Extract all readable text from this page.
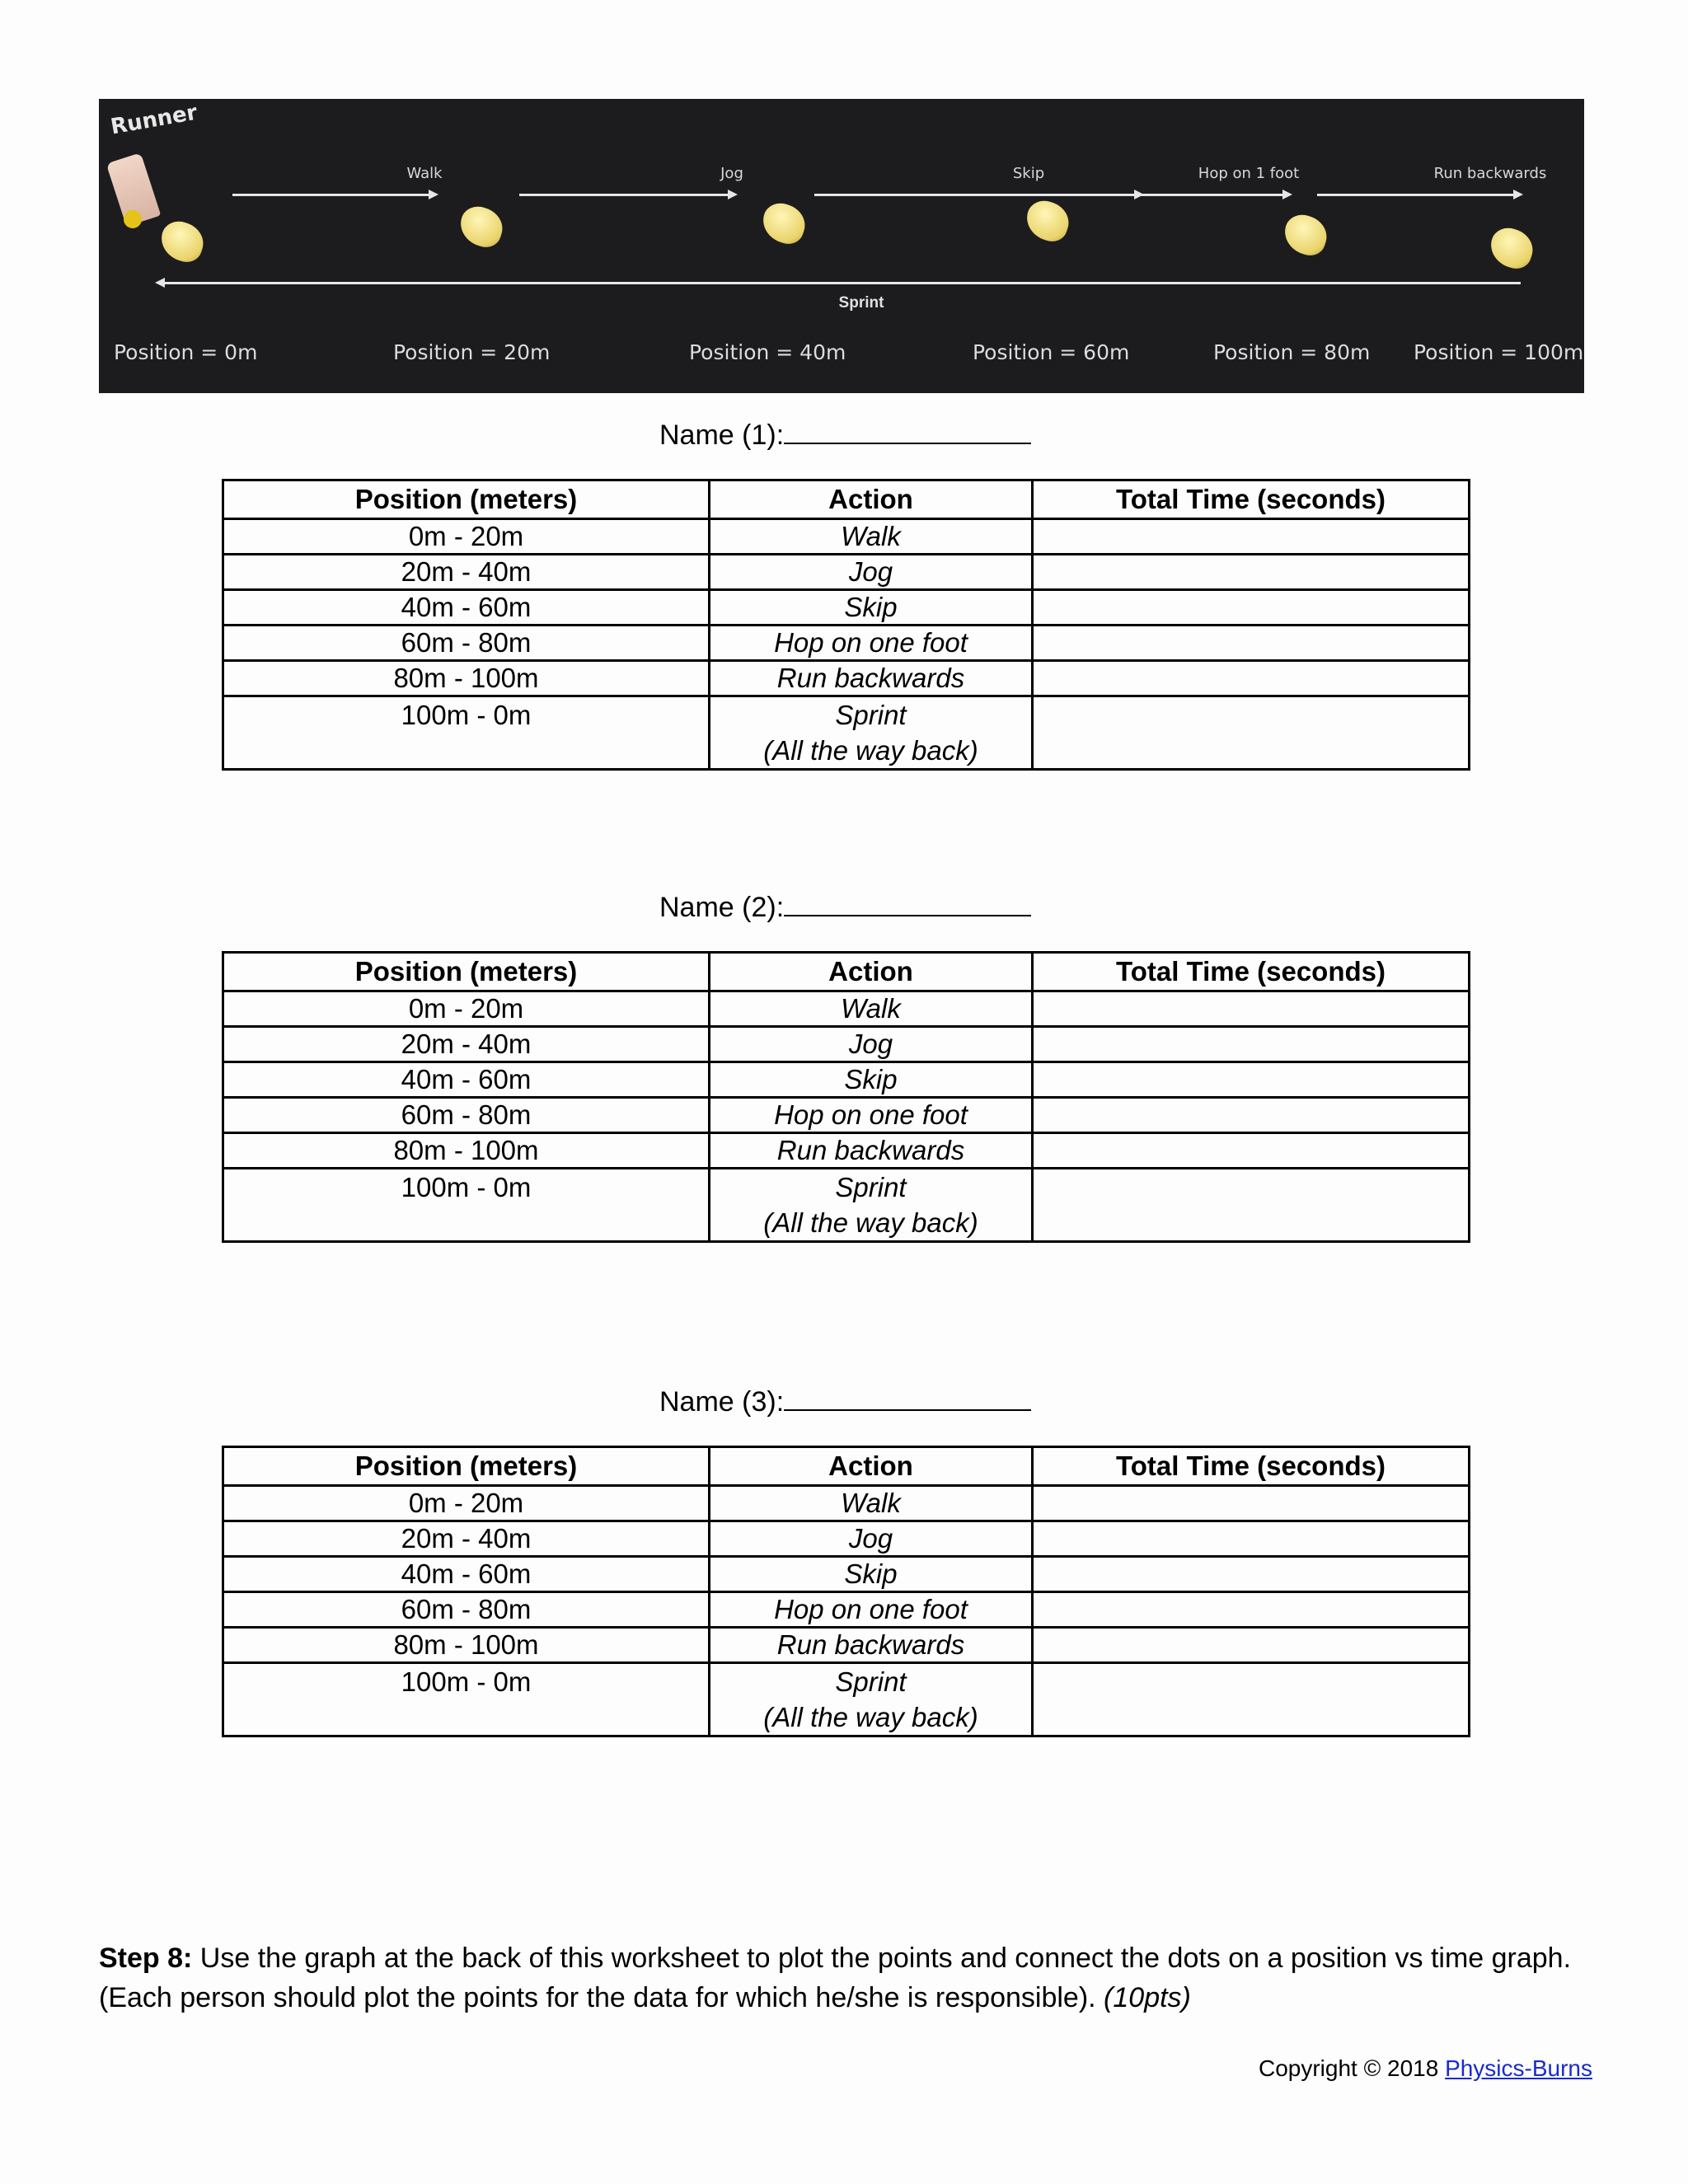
Runner
Walk	Jog	Skip	Hop on 1 foot	Run backwards
Sprint
Position = 0m	Position = 20m	Position = 40m	Position = 60m	Position = 80m Position = 100m
Name (1):
Position (meters)	Action	Total Time (seconds)
0m - 20m	Walk	
20m - 40m	Jog	
40m - 60m	Skip	
60m - 80m	Hop on one foot	
80m - 100m	Run backwards	
100m - 0m	Sprint
(All the way back)	

Name (2):
Position (meters)	Action	Total Time (seconds)
0m - 20m	Walk	
20m - 40m	Jog	
40m - 60m	Skip	
60m - 80m	Hop on one foot	
80m - 100m	Run backwards	
100m - 0m	Sprint
(All the way back)	

Name (3):
Position (meters)	Action	Total Time (seconds)
0m - 20m	Walk	
20m - 40m	Jog	
40m - 60m	Skip	
60m - 80m	Hop on one foot	
80m - 100m	Run backwards	
100m - 0m	Sprint
(All the way back)	

Step 8: Use the graph at the back of this worksheet to plot the points and connect the dots on a position vs time graph. (Each person should plot the points for the data for which he/she is responsible). (10pts)
Copyright © 2018 Physics-Burns
